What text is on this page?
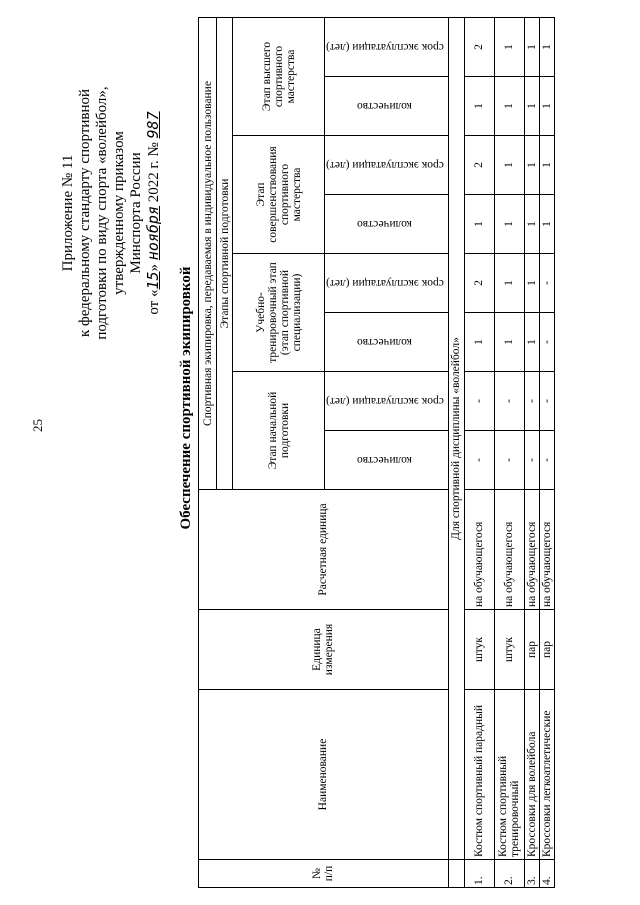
25
Приложение № 11 к федеральному стандарту спортивной подготовки по виду спорта «волейбол», утвержденному приказом Минспорта России
от «15» ноября 2022 г. № 987
Обеспечение спортивной экипировкой
№ п/п	Наименование	Единица измерения	Расчетная единица	Спортивная экипировка, передаваемая в индивидуальное пользование							
				Этапы спортивной подготовки							
				Этап начальной подготовки		Учебно-тренировочный этап (этап спортивной специализации)		Этап совершенствования спортивного мастерства		Этап высшего спортивного мастерства	
				количество	срок эксплуатации (лет)	количество	срок эксплуатации (лет)	количество	срок эксплуатации (лет)	количество	срок эксплуатации (лет)
	Для спортивной дисциплины «волейбол»										
1.	Костюм спортивный парадный	штук	на обучающегося	-	-	1	2	1	2	1	2
2.	Костюм спортивный тренировочный	штук	на обучающегося	-	-	1	1	1	1	1	1
3.	Кроссовки для волейбола	пар	на обучающегося	-	-	1	1	1	1	1	1
4.	Кроссовки легкоатлетические	пар	на обучающегося	-	-	-	-	1	1	1	1
